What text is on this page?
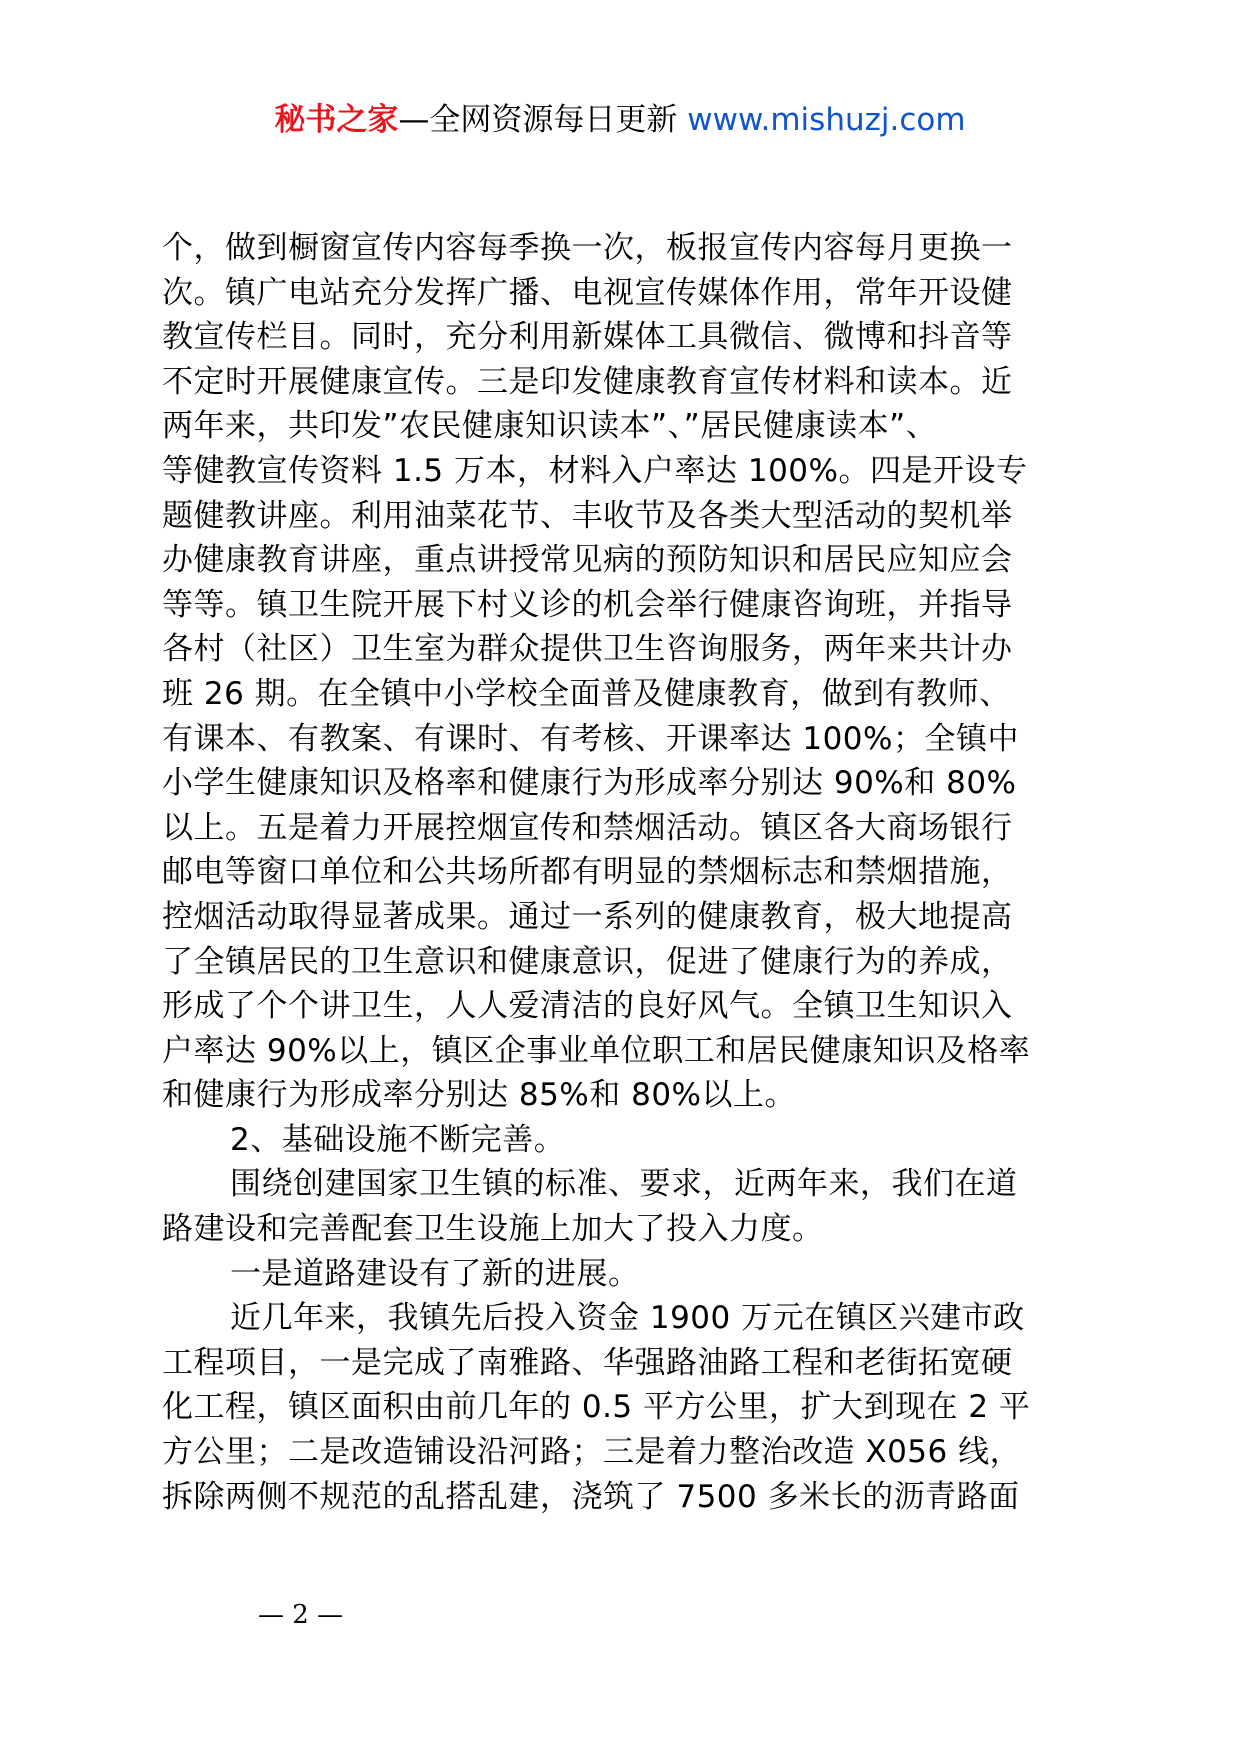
秘书之家—全网资源每日更新 www.mishuzj.com
个，做到橱窗宣传内容每季换一次，板报宣传内容每月更换一
次。镇广电站充分发挥广播、电视宣传媒体作用，常年开设健
教宣传栏目。同时，充分利用新媒体工具微信、微博和抖音等
不定时开展健康宣传。三是印发健康教育宣传材料和读本。近
两年来，共印发”农民健康知识读本”、”居民健康读本”、
等健教宣传资料 1.5 万本，材料入户率达 100%。四是开设专
题健教讲座。利用油菜花节、丰收节及各类大型活动的契机举
办健康教育讲座，重点讲授常见病的预防知识和居民应知应会
等等。镇卫生院开展下村义诊的机会举行健康咨询班，并指导
各村（社区）卫生室为群众提供卫生咨询服务，两年来共计办
班 26 期。在全镇中小学校全面普及健康教育，做到有教师、
有课本、有教案、有课时、有考核、开课率达 100%；全镇中
小学生健康知识及格率和健康行为形成率分别达 90%和 80%
以上。五是着力开展控烟宣传和禁烟活动。镇区各大商场银行
邮电等窗口单位和公共场所都有明显的禁烟标志和禁烟措施，
控烟活动取得显著成果。通过一系列的健康教育，极大地提高
了全镇居民的卫生意识和健康意识，促进了健康行为的养成，
形成了个个讲卫生，人人爱清洁的良好风气。全镇卫生知识入
户率达 90%以上，镇区企事业单位职工和居民健康知识及格率
和健康行为形成率分别达 85%和 80%以上。
2、基础设施不断完善。
围绕创建国家卫生镇的标准、要求，近两年来，我们在道
路建设和完善配套卫生设施上加大了投入力度。
一是道路建设有了新的进展。
近几年来，我镇先后投入资金 1900 万元在镇区兴建市政
工程项目，一是完成了南雅路、华强路油路工程和老街拓宽硬
化工程，镇区面积由前几年的 0.5 平方公里，扩大到现在 2 平
方公里；二是改造铺设沿河路；三是着力整治改造 X056 线，
拆除两侧不规范的乱搭乱建，浇筑了 7500 多米长的沥青路面
— 2 —
